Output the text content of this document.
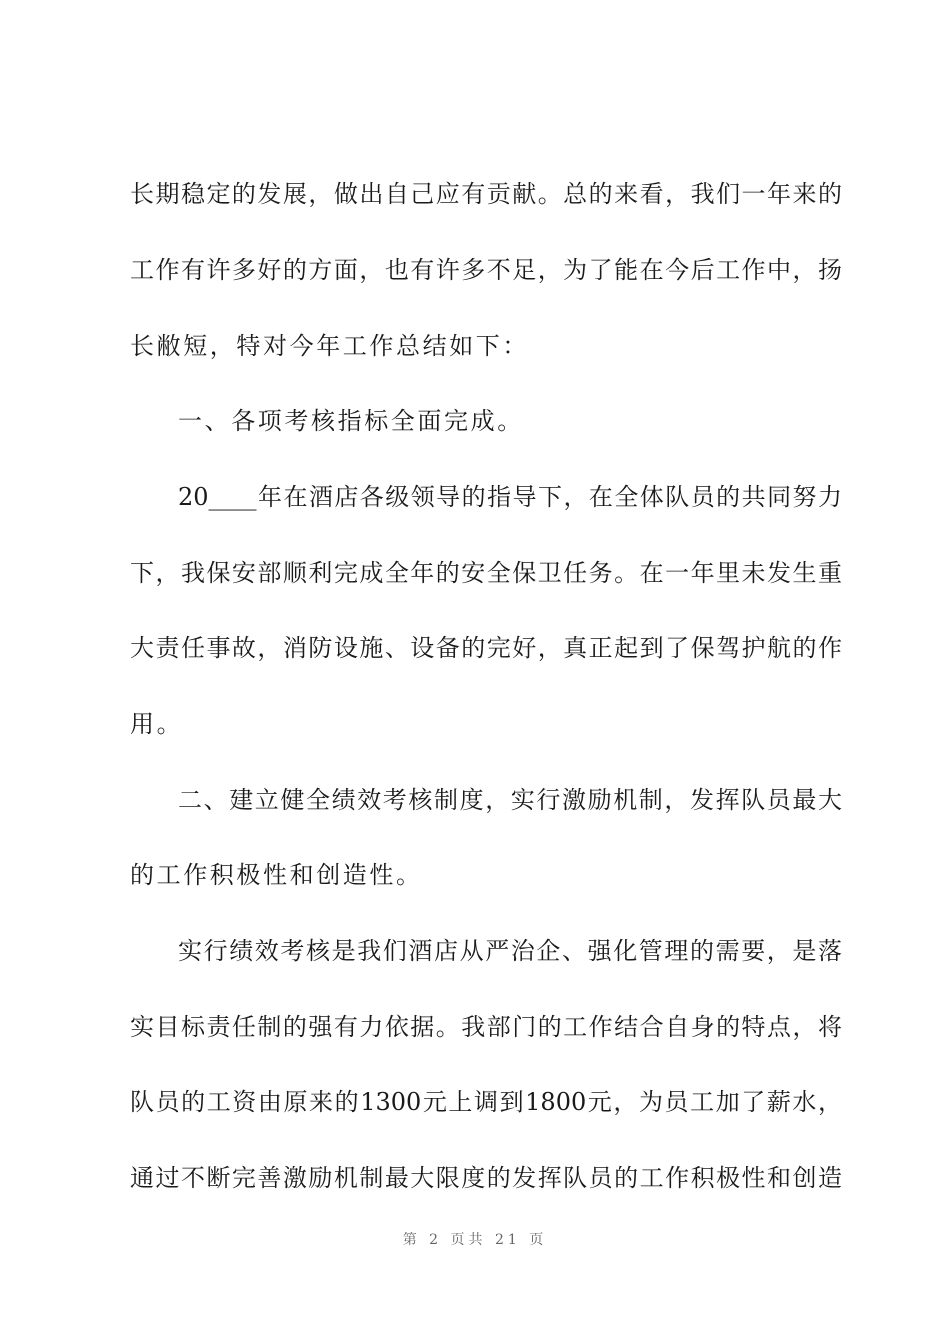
长期稳定的发展，做出自己应有贡献。总的来看，我们一年来的
工作有许多好的方面，也有许多不足，为了能在今后工作中，扬
长敝短，特对今年工作总结如下：
一、各项考核指标全面完成。
20____年在酒店各级领导的指导下，在全体队员的共同努力
下，我保安部顺利完成全年的安全保卫任务。在一年里未发生重
大责任事故，消防设施、设备的完好，真正起到了保驾护航的作
用。
二、建立健全绩效考核制度，实行激励机制，发挥队员最大
的工作积极性和创造性。
实行绩效考核是我们酒店从严治企、强化管理的需要，是落
实目标责任制的强有力依据。我部门的工作结合自身的特点，将
队员的工资由原来的1300元上调到1800元，为员工加了薪水，
通过不断完善激励机制最大限度的发挥队员的工作积极性和创造
第 2 页共 21 页
